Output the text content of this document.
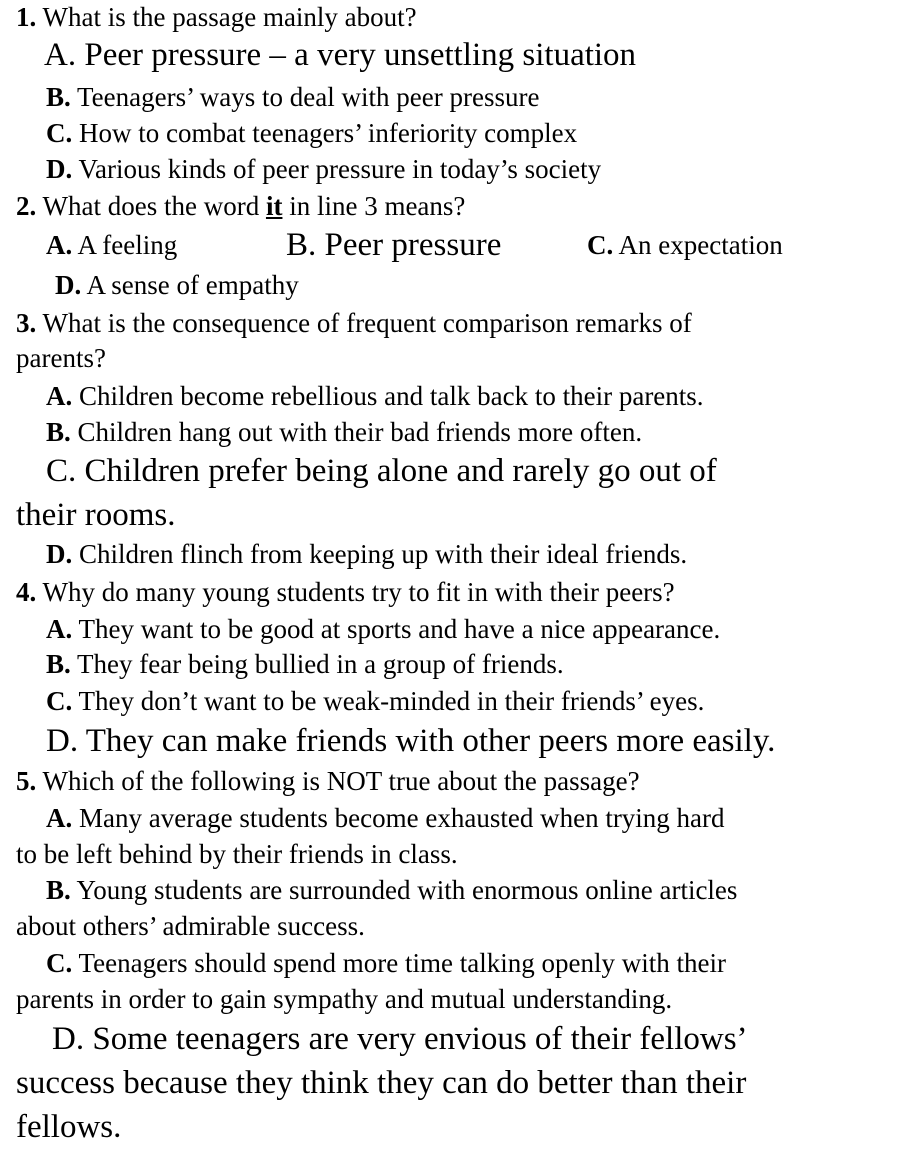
1. What is the passage mainly about?
A. Peer pressure – a very unsettling situation
B. Teenagers’ ways to deal with peer pressure
C. How to combat teenagers’ inferiority complex
D. Various kinds of peer pressure in today’s society
2. What does the word it in line 3 means?
A. A feeling	B. Peer pressure	C. An expectation
D. A sense of empathy
3. What is the consequence of frequent comparison remarks of
parents?
A. Children become rebellious and talk back to their parents.
B. Children hang out with their bad friends more often.
C. Children prefer being alone and rarely go out of
their rooms.
D. Children flinch from keeping up with their ideal friends.
4. Why do many young students try to fit in with their peers?
A. They want to be good at sports and have a nice appearance.
B. They fear being bullied in a group of friends.
C. They don’t want to be weak-minded in their friends’ eyes.
D. They can make friends with other peers more easily.
5. Which of the following is NOT true about the passage?
A. Many average students become exhausted when trying hard
to be left behind by their friends in class.
B. Young students are surrounded with enormous online articles
about others’ admirable success.
C. Teenagers should spend more time talking openly with their
parents in order to gain sympathy and mutual understanding.
D. Some teenagers are very envious of their fellows’
success because they think they can do better than their
fellows.
